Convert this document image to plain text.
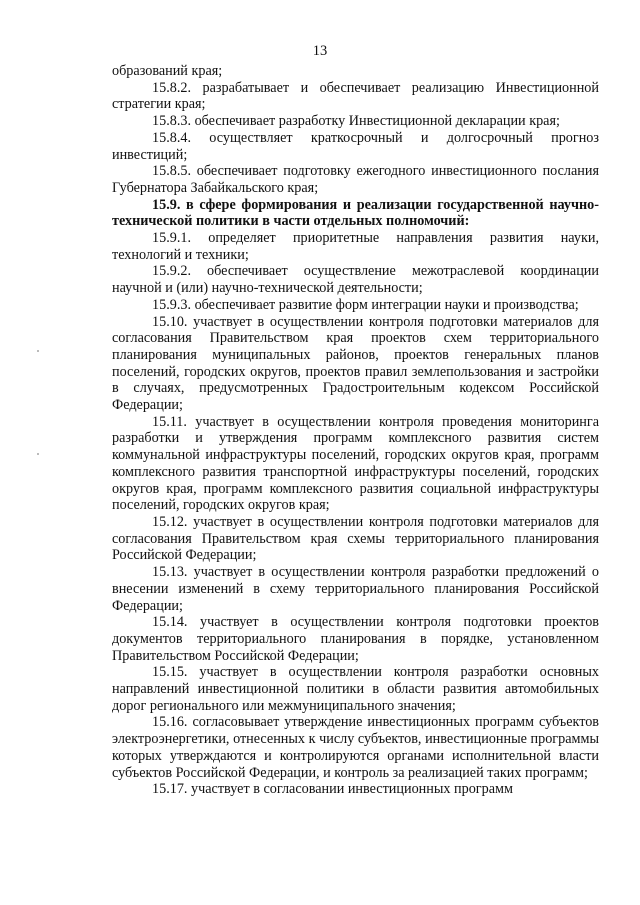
13

образований края;

15.8.2. разрабатывает и обеспечивает реализацию Инвестиционной стратегии края;

15.8.3. обеспечивает разработку Инвестиционной декларации края;

15.8.4. осуществляет краткосрочный и долгосрочный прогноз инвестиций;

15.8.5. обеспечивает подготовку ежегодного инвестиционного послания Губернатора Забайкальского края;

15.9. в сфере формирования и реализации государственной научно-технической политики в части отдельных полномочий:

15.9.1. определяет приоритетные направления развития науки, технологий и техники;

15.9.2. обеспечивает осуществление межотраслевой координации научной и (или) научно-технической деятельности;

15.9.3. обеспечивает развитие форм интеграции науки и производства;

15.10. участвует в осуществлении контроля подготовки материалов для согласования Правительством края проектов схем территориального планирования муниципальных районов, проектов генеральных планов поселений, городских округов, проектов правил землепользования и застройки в случаях, предусмотренных Градостроительным кодексом Российской Федерации;

15.11. участвует в осуществлении контроля проведения мониторинга разработки и утверждения программ комплексного развития систем коммунальной инфраструктуры поселений, городских округов края, программ комплексного развития транспортной инфраструктуры поселений, городских округов края, программ комплексного развития социальной инфраструктуры поселений, городских округов края;

15.12. участвует в осуществлении контроля подготовки материалов для согласования Правительством края схемы территориального планирования Российской Федерации;

15.13. участвует в осуществлении контроля разработки предложений о внесении изменений в схему территориального планирования Российской Федерации;

15.14. участвует в осуществлении контроля подготовки проектов документов территориального планирования в порядке, установленном Правительством Российской Федерации;

15.15. участвует в осуществлении контроля разработки основных направлений инвестиционной политики в области развития автомобильных дорог регионального или межмуниципального значения;

15.16. согласовывает утверждение инвестиционных программ субъектов электроэнергетики, отнесенных к числу субъектов, инвестиционные программы которых утверждаются и контролируются органами исполнительной власти субъектов Российской Федерации, и контроль за реализацией таких программ;

15.17. участвует в согласовании инвестиционных программ
